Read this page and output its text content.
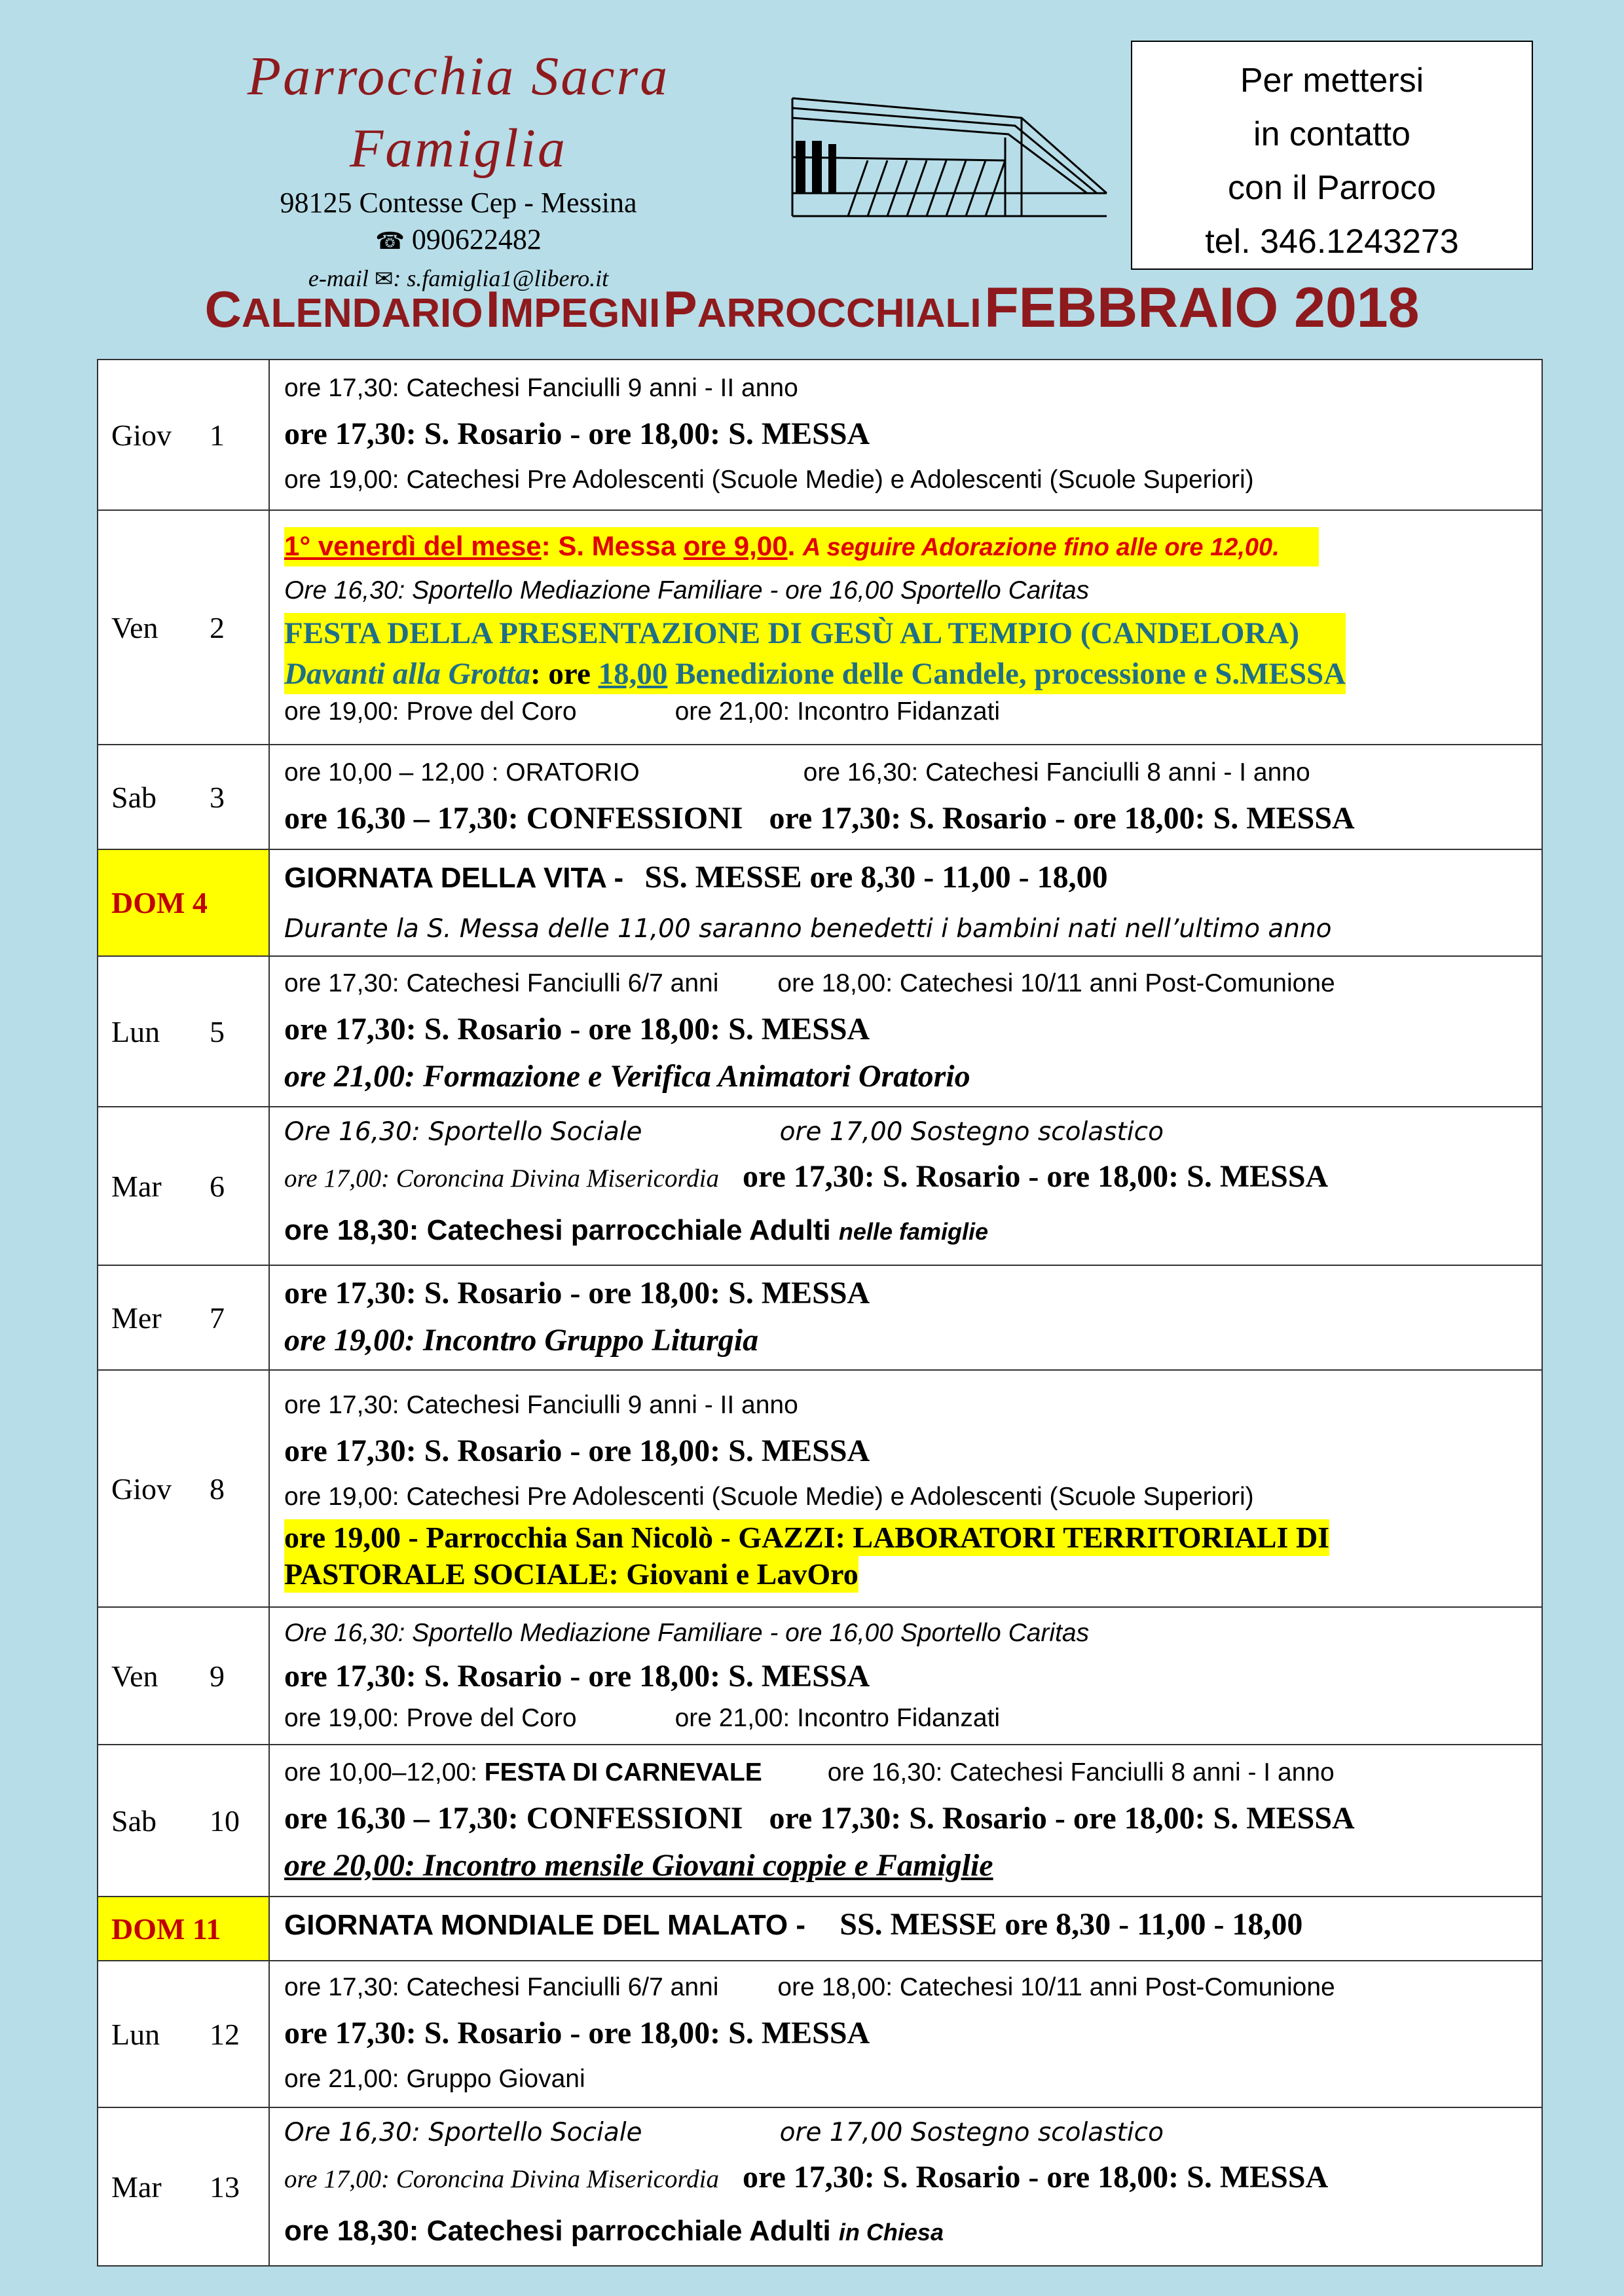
Parrocchia Sacra Famiglia
98125 Contesse Cep - Messina
☎ 090622482
e-mail ✉: s.famiglia1@libero.it
Per mettersi
in contatto
con il Parroco
tel. 346.1243273
CALENDARIO IMPEGNI PARROCCHIALI FEBBRAIO 2018
Giov 1	ore 17,30: Catechesi Fanciulli 9 anni - II anno
ore 17,30: S. Rosario - ore 18,00: S. MESSA
ore 19,00: Catechesi Pre Adolescenti (Scuole Medie) e Adolescenti (Scuole Superiori)

Ven 2	1° venerdì del mese: S. Messa ore 9,00. A seguire Adorazione fino alle ore 12,00.
Ore 16,30: Sportello Mediazione Familiare - ore 16,00 Sportello Caritas
FESTA DELLA PRESENTAZIONE DI GESÙ AL TEMPIO (CANDELORA)
Davanti alla Grotta: ore 18,00 Benedizione delle Candele, processione e S.MESSA
ore 19,00: Prove del Coro ore 21,00: Incontro Fidanzati

Sab 3	ore 10,00 – 12,00 : ORATORIO ore 16,30: Catechesi Fanciulli 8 anni - I anno
ore 16,30 – 17,30: CONFESSIONI ore 17,30: S. Rosario - ore 18,00: S. MESSA

DOM 4	GIORNATA DELLA VITA - SS. MESSE ore 8,30 - 11,00 - 18,00
Durante la S. Messa delle 11,00 saranno benedetti i bambini nati nell’ultimo anno

Lun 5	ore 17,30: Catechesi Fanciulli 6/7 anni ore 18,00: Catechesi 10/11 anni Post-Comunione
ore 17,30: S. Rosario - ore 18,00: S. MESSA
ore 21,00: Formazione e Verifica Animatori Oratorio

Mar 6	Ore 16,30: Sportello Sociale ore 17,00 Sostegno scolastico
ore 17,00: Coroncina Divina Misericordia ore 17,30: S. Rosario - ore 18,00: S. MESSA
ore 18,30: Catechesi parrocchiale Adulti nelle famiglie

Mer 7	ore 17,30: S. Rosario - ore 18,00: S. MESSA
ore 19,00: Incontro Gruppo Liturgia

Giov 8	ore 17,30: Catechesi Fanciulli 9 anni - II anno
ore 17,30: S. Rosario - ore 18,00: S. MESSA
ore 19,00: Catechesi Pre Adolescenti (Scuole Medie) e Adolescenti (Scuole Superiori)
ore 19,00 - Parrocchia San Nicolò - GAZZI: LABORATORI TERRITORIALI DI
PASTORALE SOCIALE: Giovani e LavOro
Ven 9	Ore 16,30: Sportello Mediazione Familiare - ore 16,00 Sportello Caritas
ore 17,30: S. Rosario - ore 18,00: S. MESSA
ore 19,00: Prove del Coro ore 21,00: Incontro Fidanzati

Sab 10	ore 10,00–12,00: FESTA DI CARNEVALE ore 16,30: Catechesi Fanciulli 8 anni - I anno
ore 16,30 – 17,30: CONFESSIONI ore 17,30: S. Rosario - ore 18,00: S. MESSA
ore 20,00: Incontro mensile Giovani coppie e Famiglie

DOM 11	GIORNATA MONDIALE DEL MALATO - SS. MESSE ore 8,30 - 11,00 - 18,00

Lun 12	ore 17,30: Catechesi Fanciulli 6/7 anni ore 18,00: Catechesi 10/11 anni Post-Comunione
ore 17,30: S. Rosario - ore 18,00: S. MESSA
ore 21,00: Gruppo Giovani

Mar 13	Ore 16,30: Sportello Sociale ore 17,00 Sostegno scolastico
ore 17,00: Coroncina Divina Misericordia ore 17,30: S. Rosario - ore 18,00: S. MESSA
ore 18,30: Catechesi parrocchiale Adulti in Chiesa
